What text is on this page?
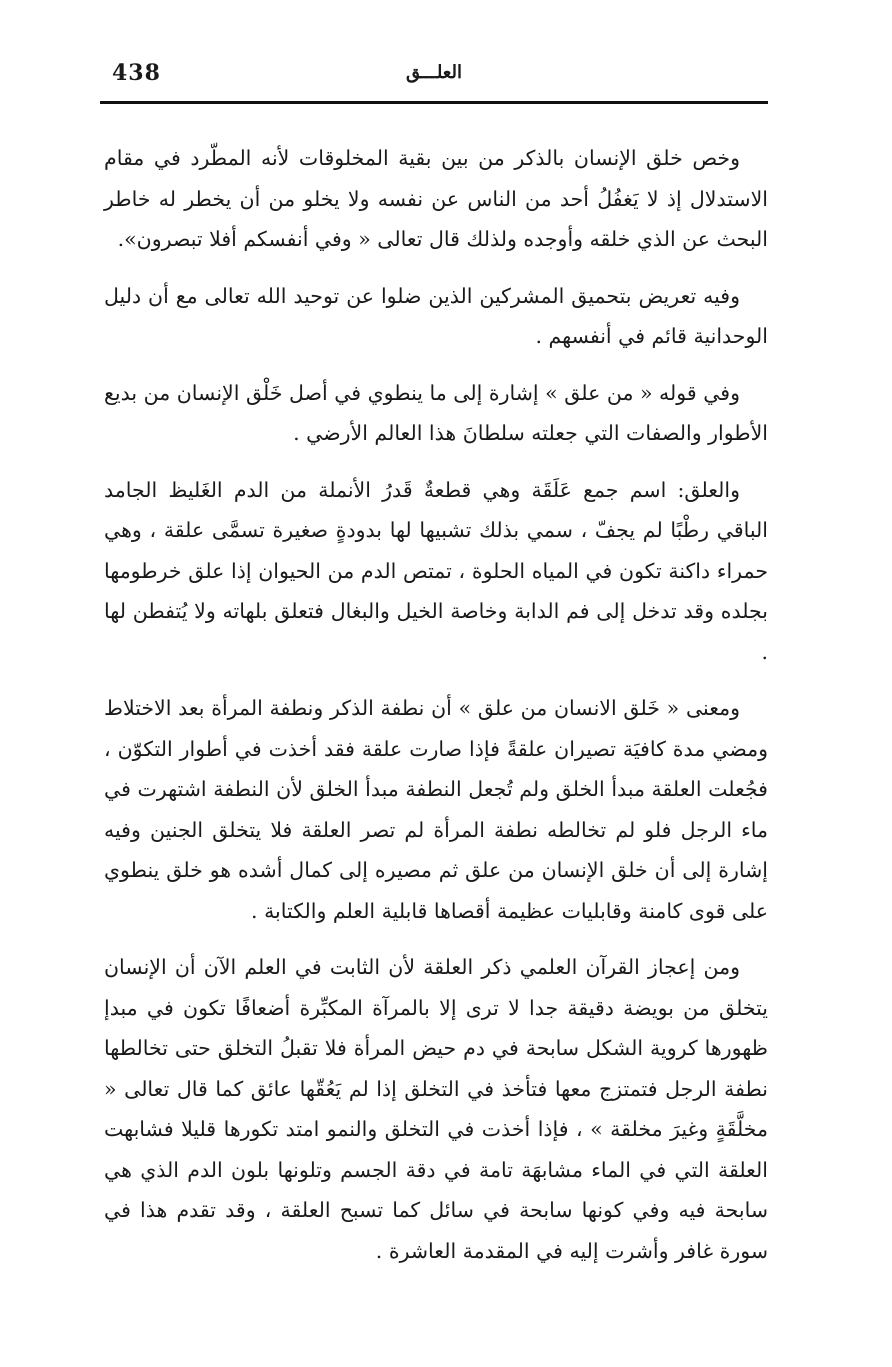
438	العلـــق

وخص خلق الإنسان بالذكر من بين بقية المخلوقات لأنه المطّرد في مقام الاستدلال إذ لا يَغفُلُ أحد من الناس عن نفسه ولا يخلو من أن يخطر له خاطر البحث عن الذي خلقه وأوجده ولذلك قال تعالى « وفي أنفسكم أفلا تبصرون».

وفيه تعريض بتحميق المشركين الذين ضلوا عن توحيد الله تعالى مع أن دليل الوحدانية قائم في أنفسهم .

وفي قوله « من علق » إشارة إلى ما ينطوي في أصل خَلْق الإنسان من بديع الأطوار والصفات التي جعلته سلطانَ هذا العالم الأرضي .

والعلق: اسم جمع عَلَقَة وهي قطعةٌ قَدرُ الأنملة من الدم الغَليظ الجامد الباقي رطْبًا لم يجفّ ، سمي بذلك تشبيها لها بدودةٍ صغيرة تسمَّى علقة ، وهي حمراء داكنة تكون في المياه الحلوة ، تمتص الدم من الحيوان إذا علق خرطومها بجلده وقد تدخل إلى فم الدابة وخاصة الخيل والبغال فتعلق بلهاته ولا يُتفطن لها .

ومعنى « خَلق الانسان من علق » أن نطفة الذكر ونطفة المرأة بعد الاختلاط ومضي مدة كافيَة تصيران علقةً فإذا صارت علقة فقد أخذت في أطوار التكوّن ، فجُعلت العلقة مبدأ الخلق ولم تُجعل النطفة مبدأ الخلق لأن النطفة اشتهرت في ماء الرجل فلو لم تخالطه نطفة المرأة لم تصر العلقة فلا يتخلق الجنين وفيه إشارة إلى أن خلق الإنسان من علق ثم مصيره إلى كمال أشده هو خلق ينطوي على قوى كامنة وقابليات عظيمة أقصاها قابلية العلم والكتابة .

ومن إعجاز القرآن العلمي ذكر العلقة لأن الثابت في العلم الآن أن الإنسان يتخلق من بويضة دقيقة جدا لا ترى إلا بالمرآة المكبِّرة أضعافًا تكون في مبدإ ظهورها كروية الشكل سابحة في دم حيض المرأة فلا تقبلُ التخلق حتى تخالطها نطفة الرجل فتمتزج معها فتأخذ في التخلق إذا لم يَعُقّها عائق كما قال تعالى « مخلَّقَةٍ وغيرَ مخلقة » ، فإذا أخذت في التخلق والنمو امتد تكورها قليلا فشابهت العلقة التي في الماء مشابهَة تامة في دقة الجسم وتلونها بلون الدم الذي هي سابحة فيه وفي كونها سابحة في سائل كما تسبح العلقة ، وقد تقدم هذا في سورة غافر وأشرت إليه في المقدمة العاشرة .
